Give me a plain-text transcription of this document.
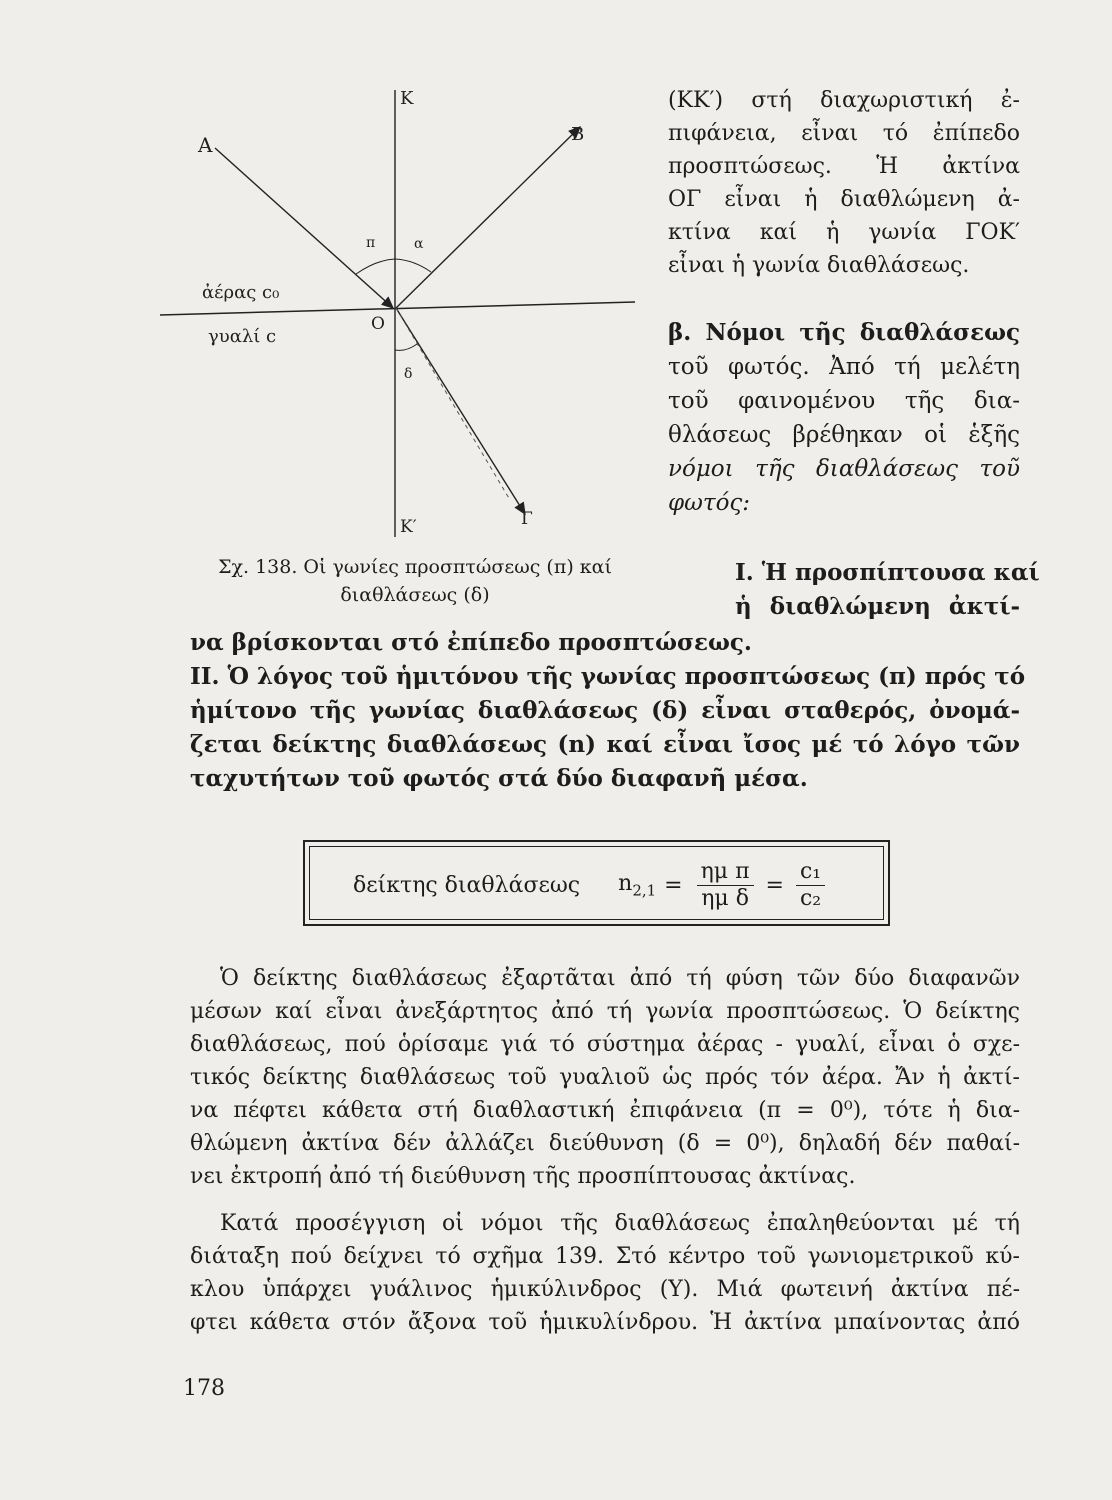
Α
Κ
Β
π	α
ἀέρας c₀
Ο
γυαλί c
δ
Κ′	Γ
Σχ. 138. Οἱ γωνίες προσπτώσεως (π) καί
διαθλάσεως (δ)
(ΚΚ′) στή διαχωριστική ἐ-
πιφάνεια, εἶναι τό ἐπίπεδο
προσπτώσεως. Ἡ ἀκτίνα
ΟΓ εἶναι ἡ διαθλώμενη ἀ-
κτίνα καί ἡ γωνία ΓΟΚ′
εἶναι ἡ γωνία διαθλάσεως.
β. Νόμοι τῆς διαθλάσεως
τοῦ φωτός. Ἀπό τή μελέτη
τοῦ φαινομένου τῆς δια-
θλάσεως βρέθηκαν οἱ ἑξῆς
νόμοι τῆς διαθλάσεως τοῦ
φωτός:
Ι. Ἡ προσπίπτουσα καί
ἡ διαθλώμενη ἀκτί-
να βρίσκονται στό ἐπίπεδο προσπτώσεως.
ΙΙ. Ὁ λόγος τοῦ ἡμιτόνου τῆς γωνίας προσπτώσεως (π) πρός τό
ἡμίτονο τῆς γωνίας διαθλάσεως (δ) εἶναι σταθερός, ὀνομά-
ζεται δείκτης διαθλάσεως (n) καί εἶναι ἴσος μέ τό λόγο τῶν
ταχυτήτων τοῦ φωτός στά δύο διαφανῆ μέσα.
δείκτης διαθλάσεως $n_{2,1} = \frac{\text{ημ π}}{\text{ημ δ}} = \frac{\text{c₁}}{\text{c₂}}$
Ὁ δείκτης διαθλάσεως ἐξαρτᾶται ἀπό τή φύση τῶν δύο διαφανῶν
μέσων καί εἶναι ἀνεξάρτητος ἀπό τή γωνία προσπτώσεως. Ὁ δείκτης
διαθλάσεως, πού ὁρίσαμε γιά τό σύστημα ἀέρας - γυαλί, εἶναι ὁ σχε-
τικός δείκτης διαθλάσεως τοῦ γυαλιοῦ ὡς πρός τόν ἀέρα. Ἄν ἡ ἀκτί-
να πέφτει κάθετα στή διαθλαστική ἐπιφάνεια (π = 0⁰), τότε ἡ δια-
θλώμενη ἀκτίνα δέν ἀλλάζει διεύθυνση (δ = 0⁰), δηλαδή δέν παθαί-
νει ἐκτροπή ἀπό τή διεύθυνση τῆς προσπίπτουσας ἀκτίνας.
Κατά προσέγγιση οἱ νόμοι τῆς διαθλάσεως ἐπαληθεύονται μέ τή
διάταξη πού δείχνει τό σχῆμα 139. Στό κέντρο τοῦ γωνιομετρικοῦ κύ-
κλου ὑπάρχει γυάλινος ἡμικύλινδρος (Υ). Μιά φωτεινή ἀκτίνα πέ-
φτει κάθετα στόν ἄξονα τοῦ ἡμικυλίνδρου. Ἡ ἀκτίνα μπαίνοντας ἀπό
178
